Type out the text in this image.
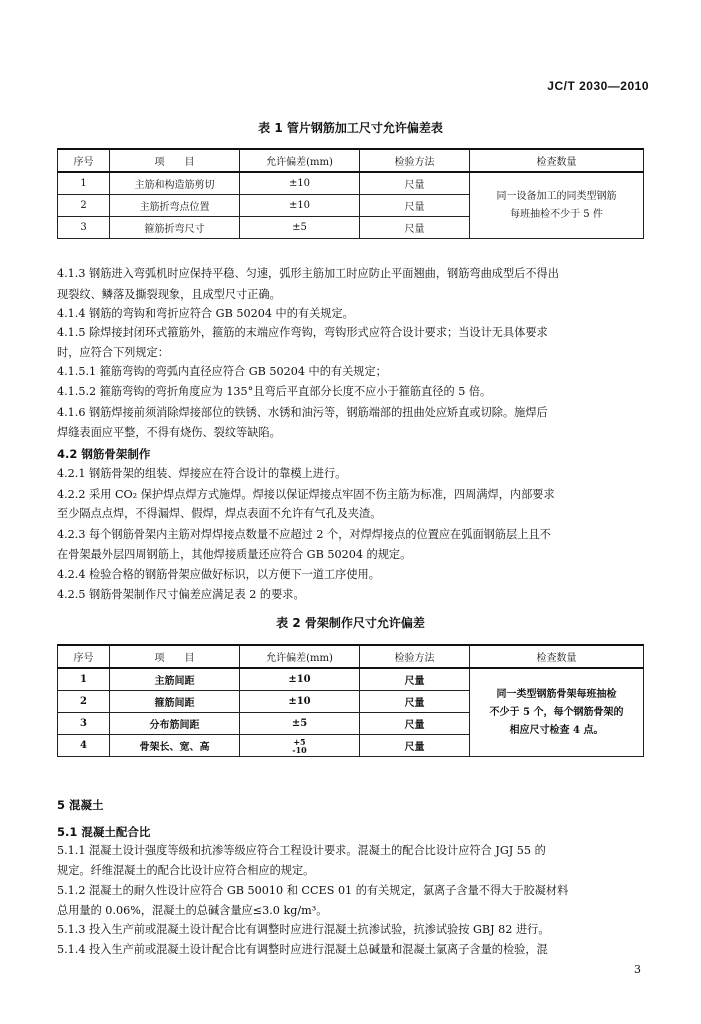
JC/T 2030—2010
表 1 管片钢筋加工尺寸允许偏差表
序号	项　　目	允许偏差(mm)	检验方法	检查数量
1	主筋和构造筋剪切	±10	尺量	同一设备加工的同类型钢筋
每班抽检不少于 5 件

2	主筋折弯点位置	±10	尺量	
3	箍筋折弯尺寸	±5	尺量	

4.1.3 钢筋进入弯弧机时应保持平稳、匀速，弧形主筋加工时应防止平面翘曲，钢筋弯曲成型后不得出

现裂纹、鳞落及撕裂现象，且成型尺寸正确。

4.1.4 钢筋的弯钩和弯折应符合 GB 50204 中的有关规定。

4.1.5 除焊接封闭环式箍筋外，箍筋的末端应作弯钩，弯钩形式应符合设计要求；当设计无具体要求

时，应符合下列规定：

4.1.5.1 箍筋弯钩的弯弧内直径应符合 GB 50204 中的有关规定；

4.1.5.2 箍筋弯钩的弯折角度应为 135°且弯后平直部分长度不应小于箍筋直径的 5 倍。

4.1.6 钢筋焊接前须消除焊接部位的铁锈、水锈和油污等，钢筋端部的扭曲处应矫直或切除。施焊后

焊缝表面应平整，不得有烧伤、裂纹等缺陷。

4.2 钢筋骨架制作

4.2.1 钢筋骨架的组装、焊接应在符合设计的靠模上进行。

4.2.2 采用 CO₂ 保护焊点焊方式施焊。焊接以保证焊接点牢固不伤主筋为标准，四周满焊，内部要求

至少隔点点焊，不得漏焊、假焊，焊点表面不允许有气孔及夹渣。

4.2.3 每个钢筋骨架内主筋对焊焊接点数量不应超过 2 个，对焊焊接点的位置应在弧面钢筋层上且不

在骨架最外层四周钢筋上，其他焊接质量还应符合 GB 50204 的规定。

4.2.4 检验合格的钢筋骨架应做好标识，以方便下一道工序使用。

4.2.5 钢筋骨架制作尺寸偏差应满足表 2 的要求。

表 2 骨架制作尺寸允许偏差
序号	项　　目	允许偏差(mm)	检验方法	检查数量
1	主筋间距	±10	尺量	同一类型钢筋骨架每班抽检
不少于 5 个，每个钢筋骨架的
相应尺寸检查 4 点。

2	箍筋间距	±10	尺量	
3	分布筋间距	±5	尺量	
4	骨架长、宽、高	+5
-10	尺量	
5 混凝土
5.1 混凝土配合比

5.1.1 混凝土设计强度等级和抗渗等级应符合工程设计要求。混凝土的配合比设计应符合 JGJ 55 的

规定。纤维混凝土的配合比设计应符合相应的规定。

5.1.2 混凝土的耐久性设计应符合 GB 50010 和 CCES 01 的有关规定，氯离子含量不得大于胶凝材料

总用量的 0.06%，混凝土的总碱含量应≤3.0 kg/m³。

5.1.3 投入生产前或混凝土设计配合比有调整时应进行混凝土抗渗试验，抗渗试验按 GBJ 82 进行。

5.1.4 投入生产前或混凝土设计配合比有调整时应进行混凝土总碱量和混凝土氯离子含量的检验，混

3
